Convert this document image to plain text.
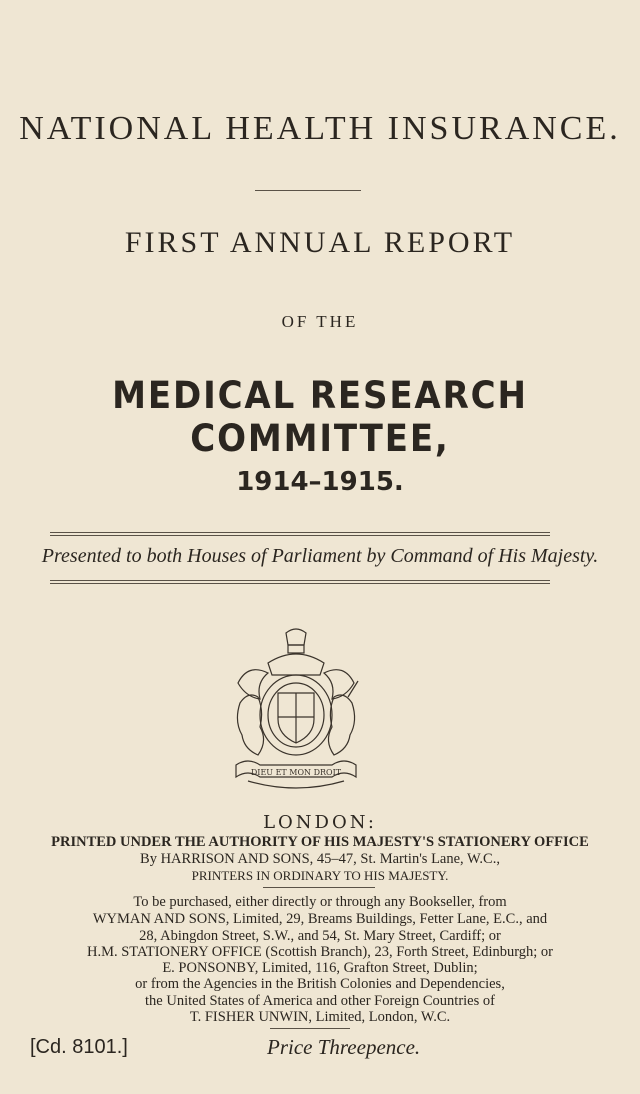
NATIONAL HEALTH INSURANCE.
FIRST ANNUAL REPORT
OF THE
MEDICAL RESEARCH COMMITTEE,
1914–1915.
Presented to both Houses of Parliament by Command of His Majesty.
DIEU ET MON DROIT
LONDON:
PRINTED UNDER THE AUTHORITY OF HIS MAJESTY'S STATIONERY OFFICE
By HARRISON AND SONS, 45–47, St. Martin's Lane, W.C.,
PRINTERS IN ORDINARY TO HIS MAJESTY.
To be purchased, either directly or through any Bookseller, from
WYMAN AND SONS, Limited, 29, Breams Buildings, Fetter Lane, E.C., and
28, Abingdon Street, S.W., and 54, St. Mary Street, Cardiff; or
H.M. STATIONERY OFFICE (Scottish Branch), 23, Forth Street, Edinburgh; or
E. PONSONBY, Limited, 116, Grafton Street, Dublin;
or from the Agencies in the British Colonies and Dependencies,
the United States of America and other Foreign Countries of
T. FISHER UNWIN, Limited, London, W.C.
[Cd. 8101.]	Price Threepence.
